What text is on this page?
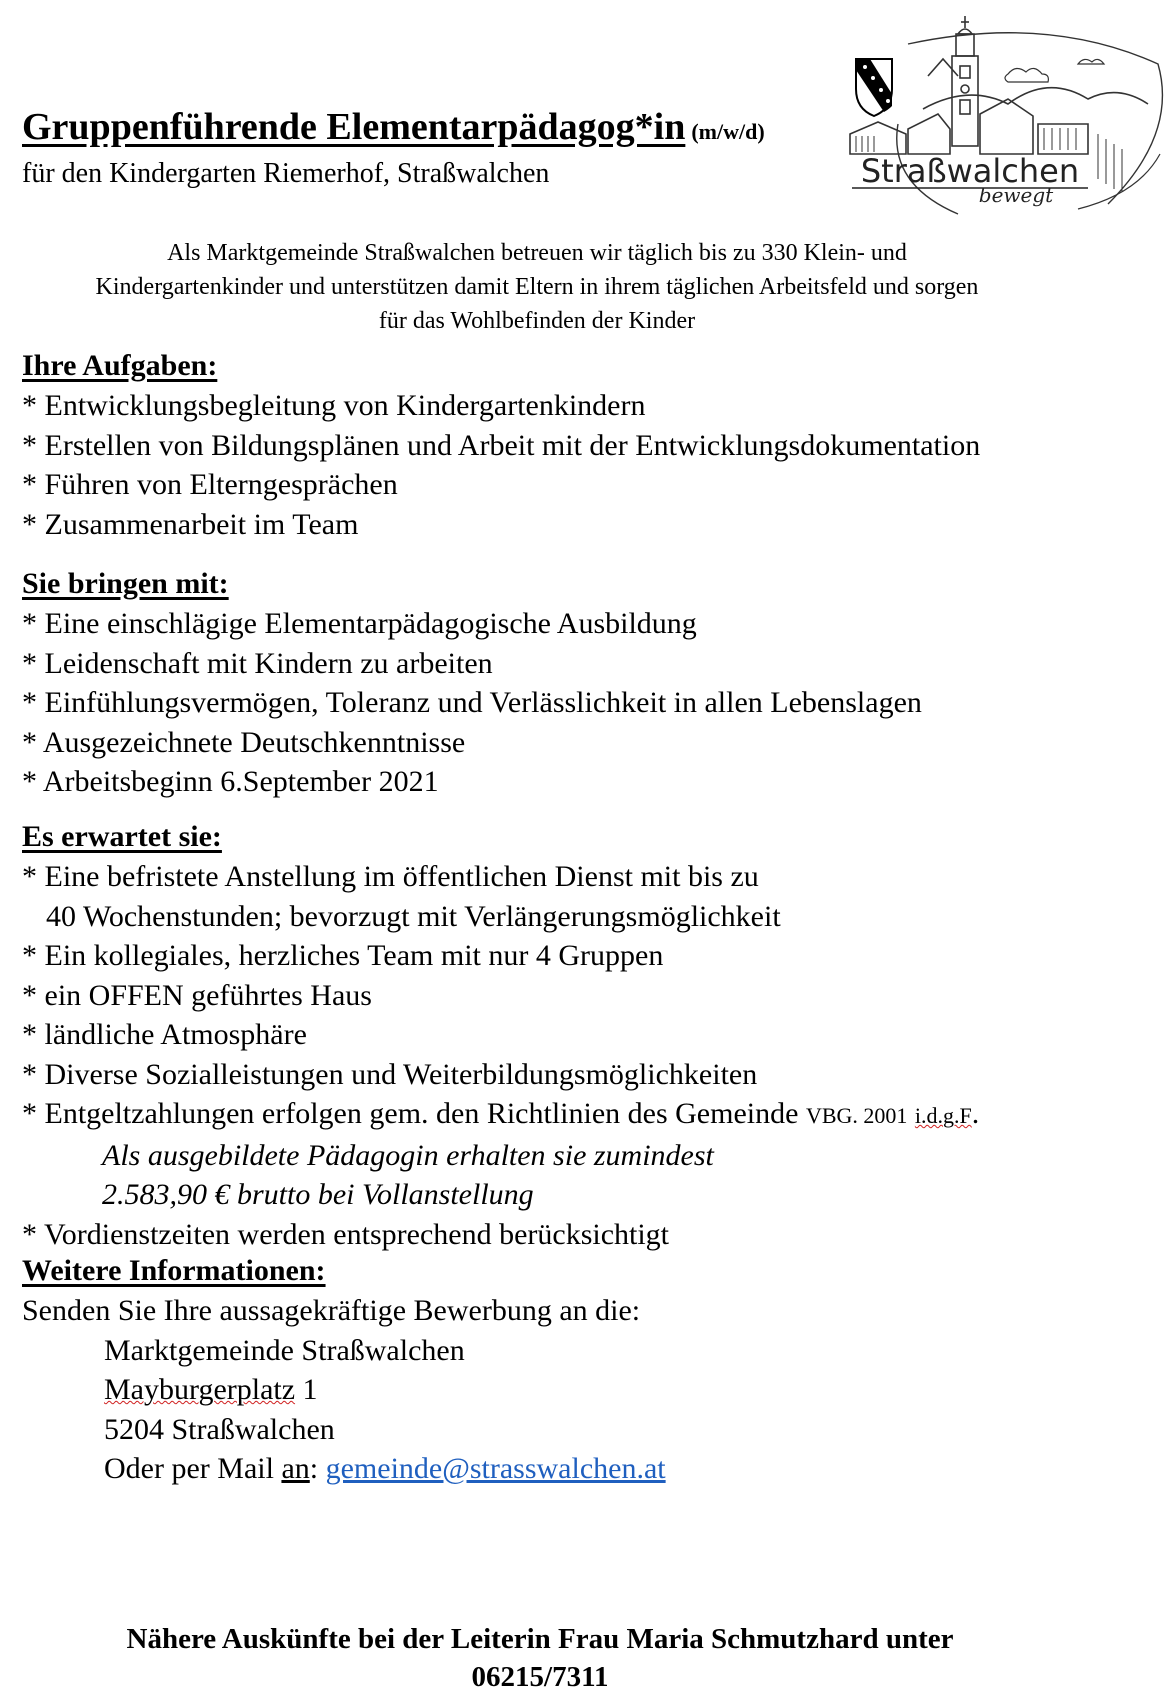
Straßwalchen
bewegt
Gruppenführende Elementarpädagog*in (m/w/d)
für den Kindergarten Riemerhof, Straßwalchen
Als Marktgemeinde Straßwalchen betreuen wir täglich bis zu 330 Klein- und
Kindergartenkinder und unterstützen damit Eltern in ihrem täglichen Arbeitsfeld und sorgen
für das Wohlbefinden der Kinder
Ihre Aufgaben:
* Entwicklungsbegleitung von Kindergartenkindern
* Erstellen von Bildungsplänen und Arbeit mit der Entwicklungsdokumentation
* Führen von Elterngesprächen
* Zusammenarbeit im Team
Sie bringen mit:
* Eine einschlägige Elementarpädagogische Ausbildung
* Leidenschaft mit Kindern zu arbeiten
* Einfühlungsvermögen, Toleranz und Verlässlichkeit in allen Lebenslagen
* Ausgezeichnete Deutschkenntnisse
* Arbeitsbeginn 6.September 2021
Es erwartet sie:
* Eine befristete Anstellung im öffentlichen Dienst mit bis zu
40 Wochenstunden; bevorzugt mit Verlängerungsmöglichkeit
* Ein kollegiales, herzliches Team mit nur 4 Gruppen
* ein OFFEN geführtes Haus
* ländliche Atmosphäre
* Diverse Sozialleistungen und Weiterbildungsmöglichkeiten
* Entgeltzahlungen erfolgen gem. den Richtlinien des Gemeinde VBG. 2001 i.d.g.F.
Als ausgebildete Pädagogin erhalten sie zumindest
2.583,90 € brutto bei Vollanstellung
* Vordienstzeiten werden entsprechend berücksichtigt
Weitere Informationen:
Senden Sie Ihre aussagekräftige Bewerbung an die:
Marktgemeinde Straßwalchen
Mayburgerplatz 1
5204 Straßwalchen
Oder per Mail an: gemeinde@strasswalchen.at
Nähere Auskünfte bei der Leiterin Frau Maria Schmutzhard unter
06215/7311
